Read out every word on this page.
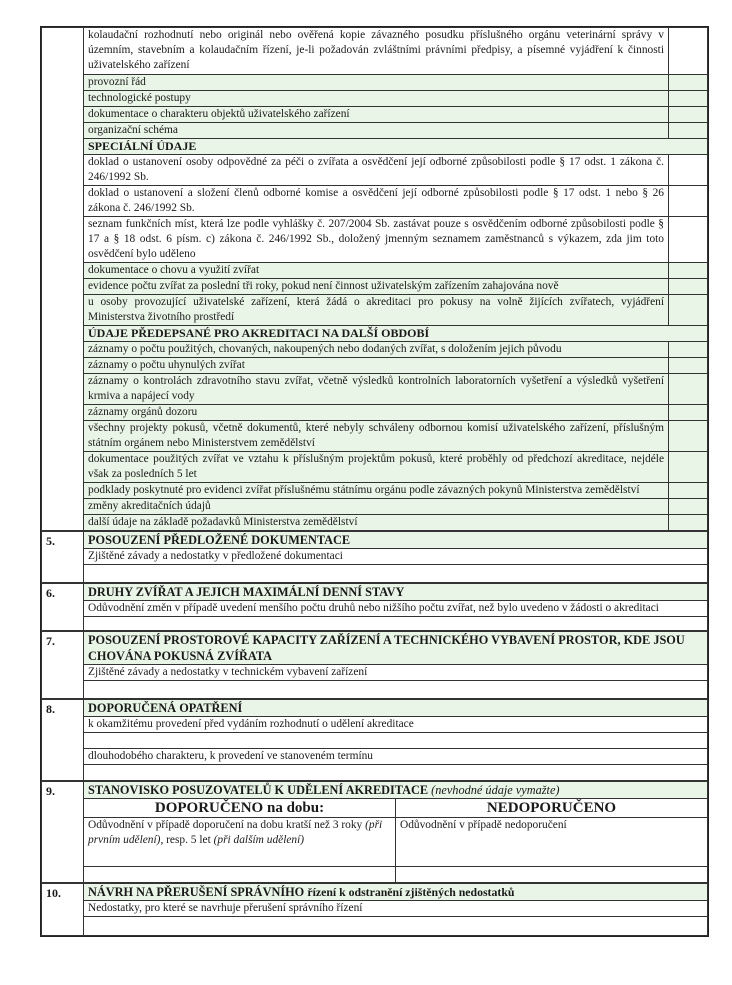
	kolaudační rozhodnutí nebo originál nebo ověřená kopie závazného posudku příslušného orgánu veterinární správy v územním, stavebním a kolaudačním řízení, je-li požadován zvláštními právními předpisy, a písemné vyjádření k činnosti uživatelského zařízení	
	provozní řád	
	technologické postupy	
	dokumentace o charakteru objektů uživatelského zařízení	
	organizační schéma	
	SPECIÁLNÍ ÚDAJE	
	doklad o ustanovení osoby odpovědné za péči o zvířata a osvědčení její odborné způsobilosti podle § 17 odst. 1 zákona č. 246/1992 Sb.	
	doklad o ustanovení a složení členů odborné komise a osvědčení její odborné způsobilosti podle § 17 odst. 1 nebo § 26 zákona č. 246/1992 Sb.	
	seznam funkčních míst, která lze podle vyhlášky č. 207/2004 Sb. zastávat pouze s osvědčením odborné způsobilosti podle § 17 a § 18 odst. 6 písm. c) zákona č. 246/1992 Sb., doložený jmenným seznamem zaměstnanců s výkazem, zda jim toto osvědčení bylo uděleno	
	dokumentace o chovu a využití zvířat	
	evidence počtu zvířat za poslední tři roky, pokud není činnost uživatelským zařízením zahajována nově	
	u osoby provozující uživatelské zařízení, která žádá o akreditaci pro pokusy na volně žijících zvířatech, vyjádření Ministerstva životního prostředí	
	ÚDAJE PŘEDEPSANÉ PRO AKREDITACI NA DALŠÍ OBDOBÍ	
	záznamy o počtu použitých, chovaných, nakoupených nebo dodaných zvířat, s doložením jejich původu	
	záznamy o počtu uhynulých zvířat	
	záznamy o kontrolách zdravotního stavu zvířat, včetně výsledků kontrolních laboratorních vyšetření a výsledků vyšetření krmiva a napájecí vody	
	záznamy orgánů dozoru	
	všechny projekty pokusů, včetně dokumentů, které nebyly schváleny odbornou komisí uživatelského zařízení, příslušným státním orgánem nebo Ministerstvem zemědělství	
	dokumentace použitých zvířat ve vztahu k příslušným projektům pokusů, které proběhly od předchozí akreditace, nejdéle však za posledních 5 let	
	podklady poskytnuté pro evidenci zvířat příslušnému státnímu orgánu podle závazných pokynů Ministerstva zemědělství	
	změny akreditačních údajů	
	další údaje na základě požadavků Ministerstva zemědělství	
5.	POSOUZENÍ PŘEDLOŽENÉ DOKUMENTACE
Zjištěné závady a nedostatky v předložené dokumentaci

6.	DRUHY ZVÍŘAT A JEJICH MAXIMÁLNÍ DENNÍ STAVY
Odůvodnění změn v případě uvedení menšího počtu druhů nebo nižšího počtu zvířat, než bylo uvedeno v žádosti o akreditaci

7.	POSOUZENÍ PROSTOROVÉ KAPACITY ZAŘÍZENÍ A TECHNICKÉHO VYBAVENÍ PROSTOR, KDE JSOU CHOVÁNA POKUSNÁ ZVÍŘATA
Zjištěné závady a nedostatky v technickém vybavení zařízení

8.	DOPORUČENÁ OPATŘENÍ
k okamžitému provedení před vydáním rozhodnutí o udělení akreditace

dlouhodobého charakteru, k provedení ve stanoveném termínu

9.	STANOVISKO POSUZOVATELŮ K UDĚLENÍ AKREDITACE (nevhodné údaje vymažte)	
	DOPORUČENO na dobu:	NEDOPORUČENO
	Odůvodnění v případě doporučení na dobu kratší než 3 roky (při prvním udělení), resp. 5 let (při dalším udělení)	Odůvodnění v případě nedoporučení

10.	NÁVRH NA PŘERUŠENÍ SPRÁVNÍHO řízení k odstranění zjištěných nedostatků
Nedostatky, pro které se navrhuje přerušení správního řízení
